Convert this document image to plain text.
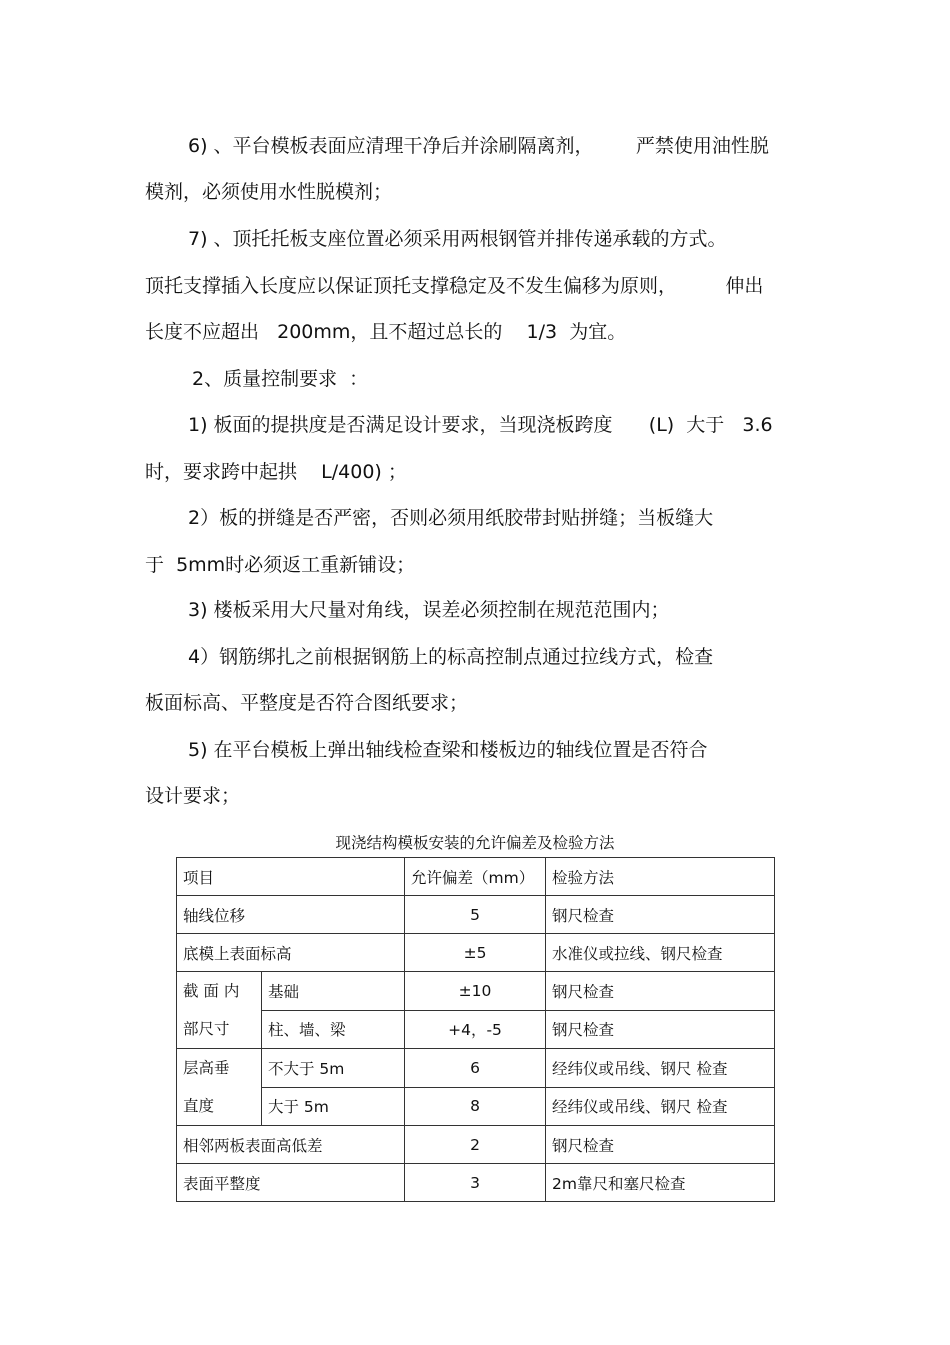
6) 、平台模板表面应清理干净后并涂刷隔离剂，       严禁使用油性脱
模剂，必须使用水性脱模剂；
7) 、顶托托板支座位置必须采用两根钢管并排传递承载的方式。
顶托支撑插入长度应以保证顶托支撑稳定及不发生偏移为原则，        伸出
长度不应超出   200mm，且不超过总长的    1/3  为宜。
2、质量控制要求  ：
1) 板面的提拱度是否满足设计要求，当现浇板跨度      (L)  大于   3.6
时，要求跨中起拱    L/400) ；
2）板的拼缝是否严密，否则必须用纸胶带封贴拼缝；当板缝大
于  5mm时必须返工重新铺设；
3) 楼板采用大尺量对角线，误差必须控制在规范范围内；
4）钢筋绑扎之前根据钢筋上的标高控制点通过拉线方式，检查
板面标高、平整度是否符合图纸要求；
5) 在平台模板上弹出轴线检查梁和楼板边的轴线位置是否符合
设计要求；
现浇结构模板安装的允许偏差及检验方法
项目		允许偏差（mm）	检验方法
轴线位移		5	钢尺检查
底模上表面标高		±5	水准仪或拉线、钢尺检查

截 面 内
部尺寸	基础	±10	钢尺检查
	柱、墙、梁	+4，-5	钢尺检查

层高垂
直度	不大于 5m	6	经纬仪或吊线、钢尺 检查
	大于 5m	8	经纬仪或吊线、钢尺 检查
相邻两板表面高低差		2	钢尺检查
表面平整度		3	2m靠尺和塞尺检查
